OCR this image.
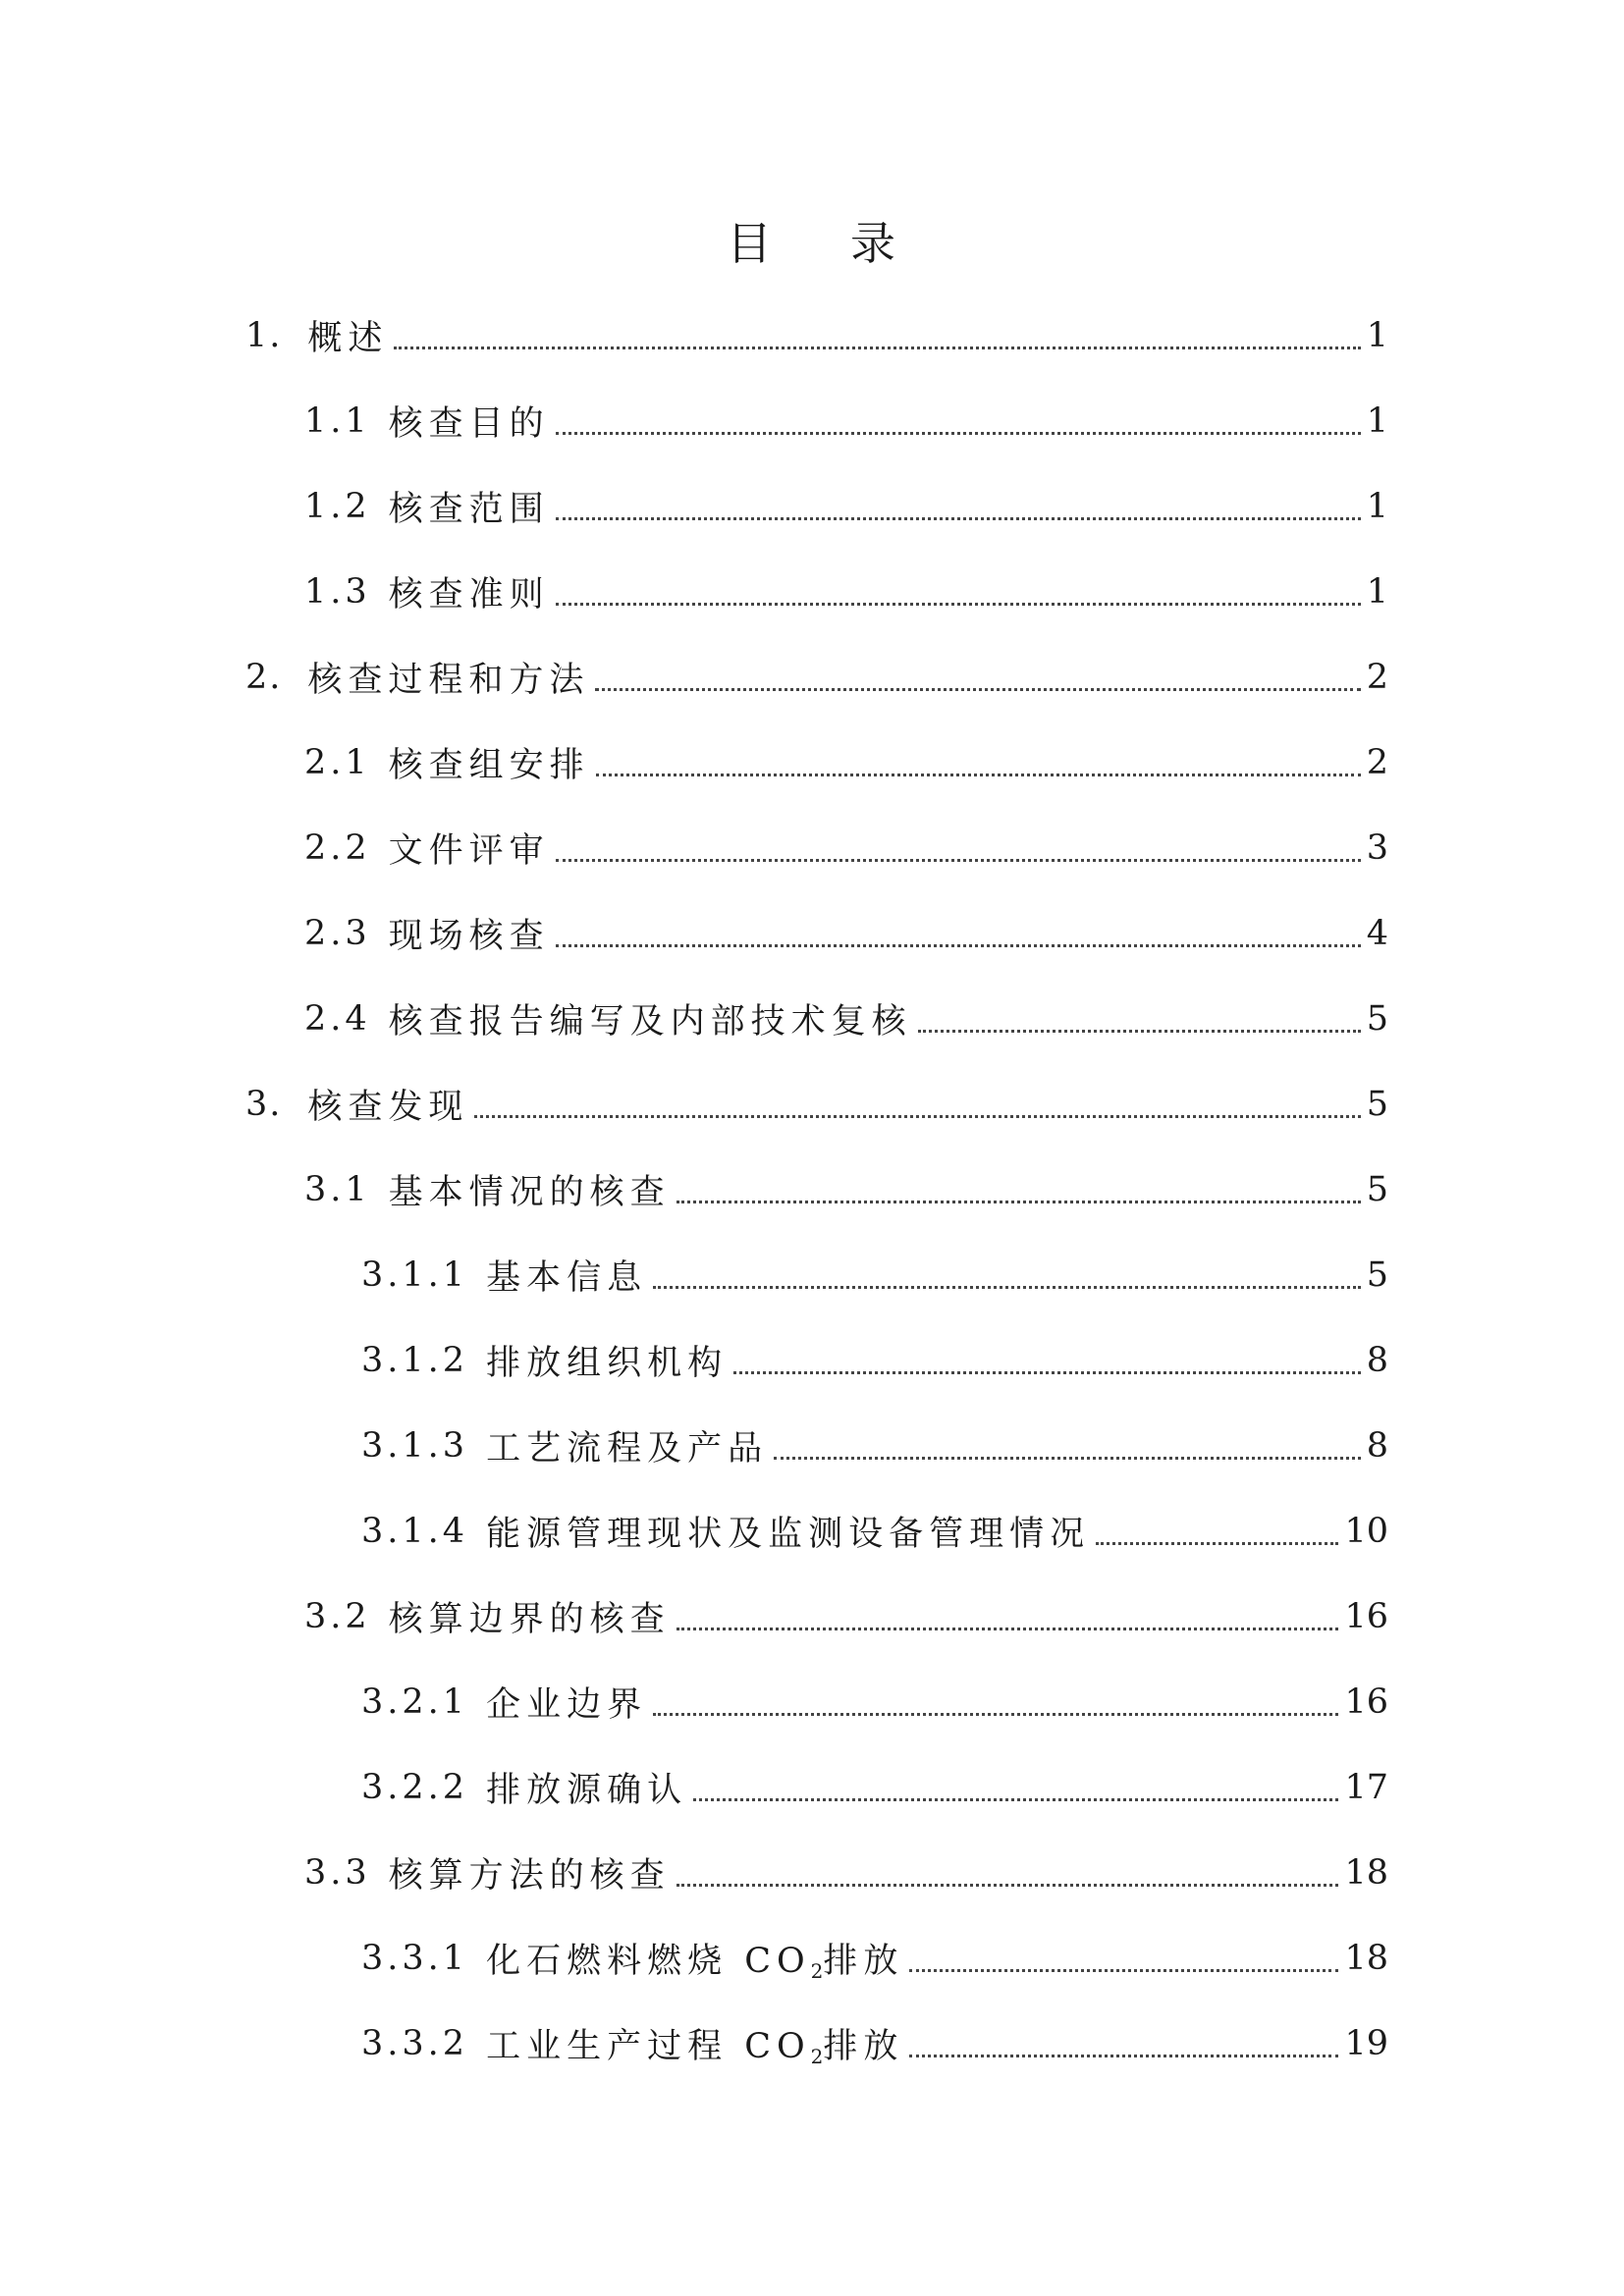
目 录
1. 概述	1
1.1 核查目的	1
1.2 核查范围	1
1.3 核查准则	1
2. 核查过程和方法	2
2.1 核查组安排	2
2.2 文件评审	3
2.3 现场核查	4
2.4 核查报告编写及内部技术复核	5
3. 核查发现	5
3.1 基本情况的核查	5
3.1.1 基本信息	5
3.1.2 排放组织机构	8
3.1.3 工艺流程及产品	8
3.1.4 能源管理现状及监测设备管理情况	10
3.2 核算边界的核查	16
3.2.1 企业边界	16
3.2.2 排放源确认	17
3.3 核算方法的核查	18
3.3.1 化石燃料燃烧 $CO_2$排放	18
3.3.2 工业生产过程 $CO_2$排放	19
